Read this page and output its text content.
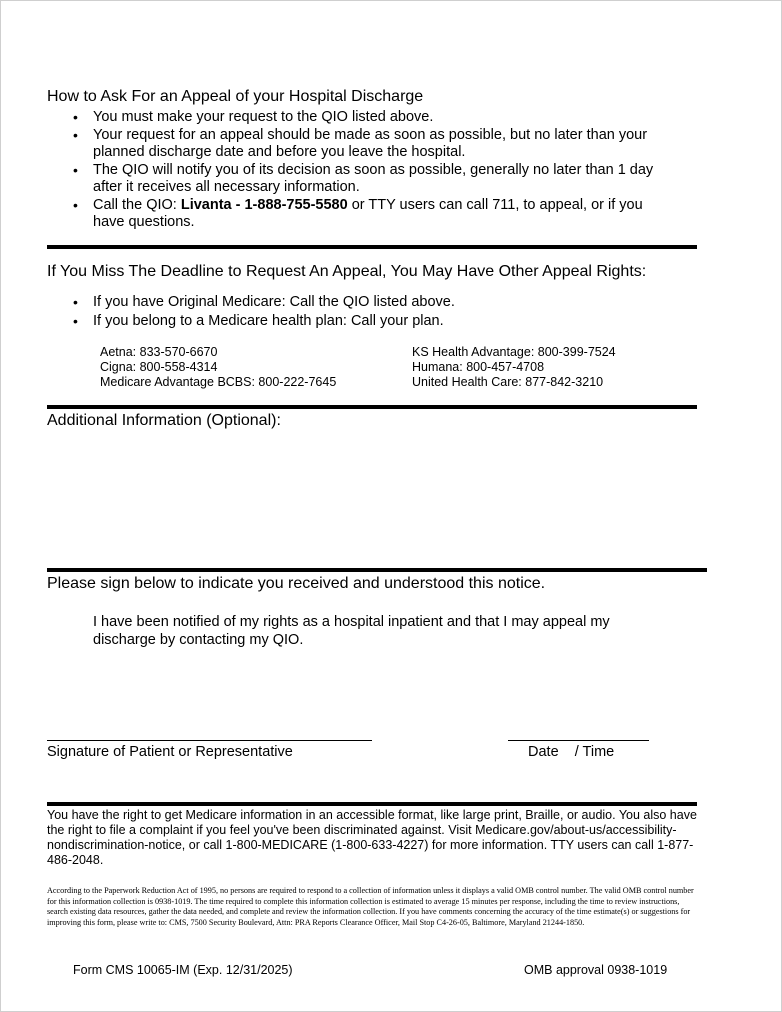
How to Ask For an Appeal of your Hospital Discharge
• You must make your request to the QIO listed above.
• Your request for an appeal should be made as soon as possible, but no later than your planned discharge date and before you leave the hospital.
• The QIO will notify you of its decision as soon as possible, generally no later than 1 day after it receives all necessary information.
• Call the QIO: Livanta - 1-888-755-5580 or TTY users can call 711, to appeal, or if you have questions.
If You Miss The Deadline to Request An Appeal, You May Have Other Appeal Rights:
• If you have Original Medicare: Call the QIO listed above.
• If you belong to a Medicare health plan: Call your plan.
Aetna: 833-570-6670
Cigna: 800-558-4314
Medicare Advantage BCBS: 800-222-7645
KS Health Advantage: 800-399-7524
Humana: 800-457-4708
United Health Care: 877-842-3210
Additional Information (Optional):
Please sign below to indicate you received and understood this notice.
I have been notified of my rights as a hospital inpatient and that I may appeal my discharge by contacting my QIO.
Signature of Patient or Representative	Date    / Time
You have the right to get Medicare information in an accessible format, like large print, Braille, or audio. You also have the right to file a complaint if you feel you've been discriminated against. Visit Medicare.gov/about-us/accessibility-nondiscrimination-notice, or call 1-800-MEDICARE (1-800-633-4227) for more information. TTY users can call 1-877-486-2048.
According to the Paperwork Reduction Act of 1995, no persons are required to respond to a collection of information unless it displays a valid OMB control number. The valid OMB control number for this information collection is 0938-1019. The time required to complete this information collection is estimated to average 15 minutes per response, including the time to review instructions, search existing data resources, gather the data needed, and complete and review the information collection. If you have comments concerning the accuracy of the time estimate(s) or suggestions for improving this form, please write to: CMS, 7500 Security Boulevard, Attn: PRA Reports Clearance Officer, Mail Stop C4-26-05, Baltimore, Maryland 21244-1850.
Form CMS 10065-IM (Exp. 12/31/2025)	OMB approval 0938-1019
